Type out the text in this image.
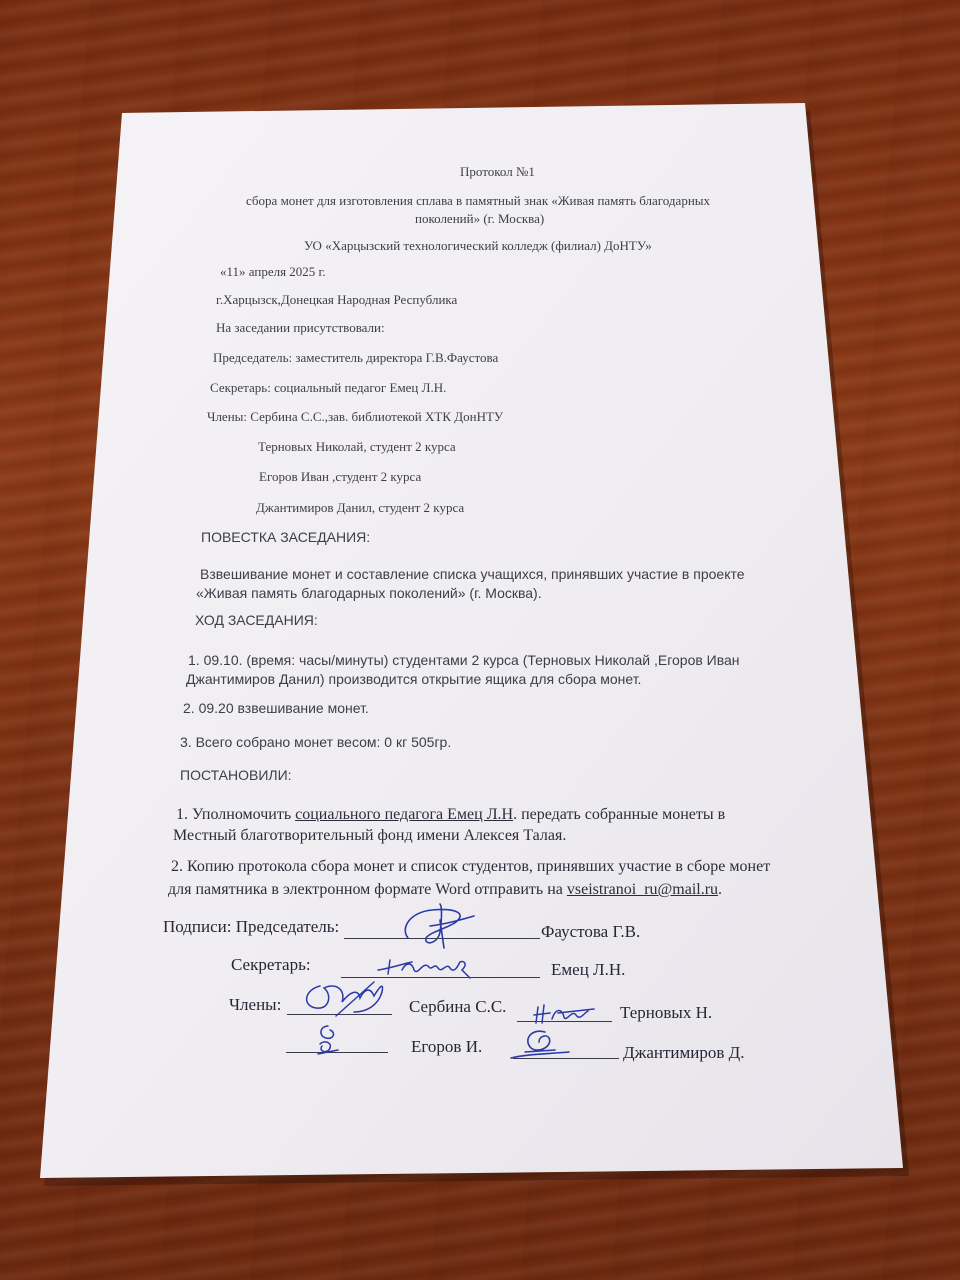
Протокол №1
сбора монет для изготовления сплава в памятный знак «Живая память благодарных
поколений» (г. Москва)
УО «Харцызский технологический колледж (филиал) ДоНТУ»
«11» апреля 2025 г.
г.Харцызск,Донецкая Народная Республика
На заседании присутствовали:
Председатель: заместитель директора Г.В.Фаустова
Секретарь: социальный педагог Емец Л.Н.
Члены: Сербина С.С.,зав. библиотекой ХТК ДонНТУ
Терновых Николай, студент 2 курса
Егоров Иван ,студент 2 курса
Джантимиров Данил, студент 2 курса
ПОВЕСТКА ЗАСЕДАНИЯ:
Взвешивание монет и составление списка учащихся, принявших участие в проекте
«Живая память благодарных поколений» (г. Москва).
ХОД ЗАСЕДАНИЯ:
1. 09.10. (время: часы/минуты) студентами 2 курса (Терновых Николай ,Егоров Иван
Джантимиров Данил) производится открытие ящика для сбора монет.
2. 09.20 взвешивание монет.
3. Всего собрано монет весом: 0 кг 505гр.
ПОСТАНОВИЛИ:
1. Уполномочить социального педагога Емец Л.Н. передать собранные монеты в
Местный благотворительный фонд имени Алексея Талая.
2. Копию протокола сбора монет и список студентов, принявших участие в сборе монет
для памятника в электронном формате Word отправить на vseistranoi_ru@mail.ru.
Подписи: Председатель:	Фаустова Г.В.
Секретарь:	Емец Л.Н.
Члены:	Сербина С.С.	Терновых Н.
Егоров И.	Джантимиров Д.
